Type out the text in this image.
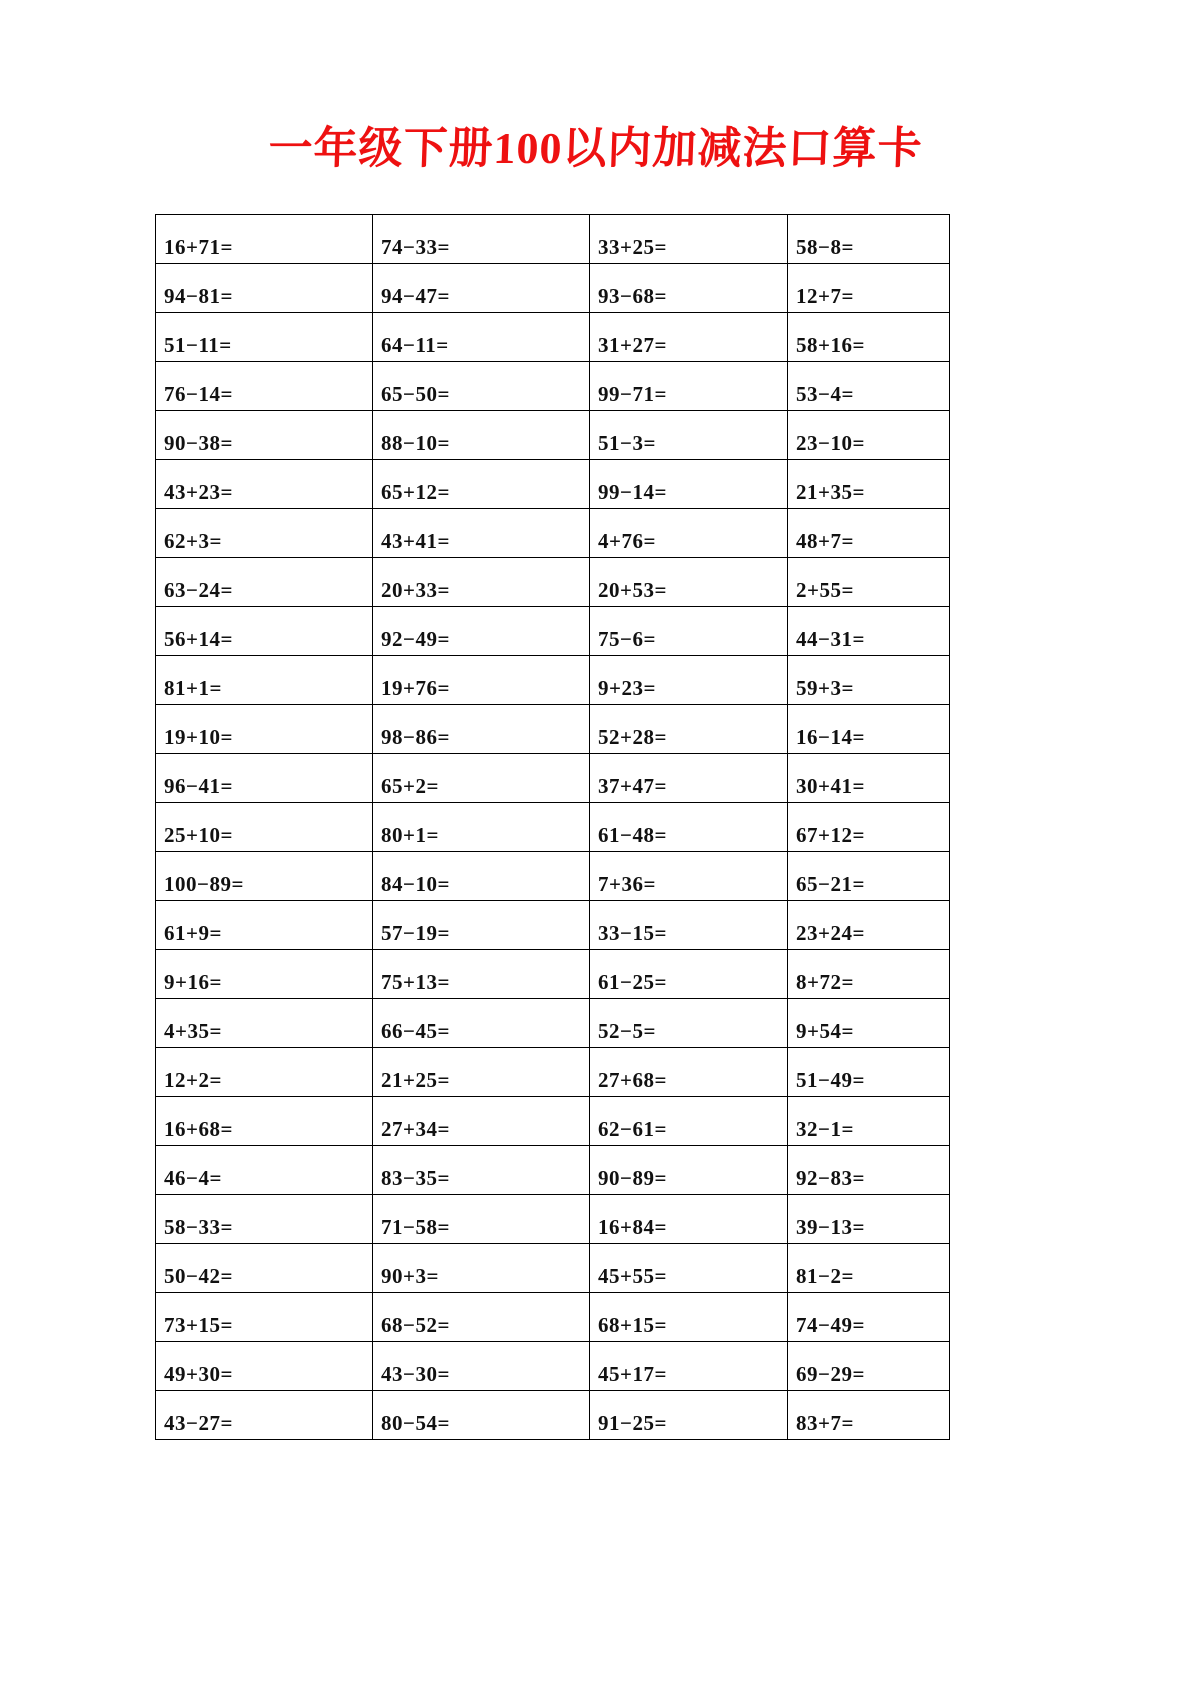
一年级下册100以内加减法口算卡
16+71=	74−33=	33+25=	58−8=
94−81=	94−47=	93−68=	12+7=
51−11=	64−11=	31+27=	58+16=
76−14=	65−50=	99−71=	53−4=
90−38=	88−10=	51−3=	23−10=
43+23=	65+12=	99−14=	21+35=
62+3=	43+41=	4+76=	48+7=
63−24=	20+33=	20+53=	2+55=
56+14=	92−49=	75−6=	44−31=
81+1=	19+76=	9+23=	59+3=
19+10=	98−86=	52+28=	16−14=
96−41=	65+2=	37+47=	30+41=
25+10=	80+1=	61−48=	67+12=
100−89=	84−10=	7+36=	65−21=
61+9=	57−19=	33−15=	23+24=
9+16=	75+13=	61−25=	8+72=
4+35=	66−45=	52−5=	9+54=
12+2=	21+25=	27+68=	51−49=
16+68=	27+34=	62−61=	32−1=
46−4=	83−35=	90−89=	92−83=
58−33=	71−58=	16+84=	39−13=
50−42=	90+3=	45+55=	81−2=
73+15=	68−52=	68+15=	74−49=
49+30=	43−30=	45+17=	69−29=
43−27=	80−54=	91−25=	83+7=
